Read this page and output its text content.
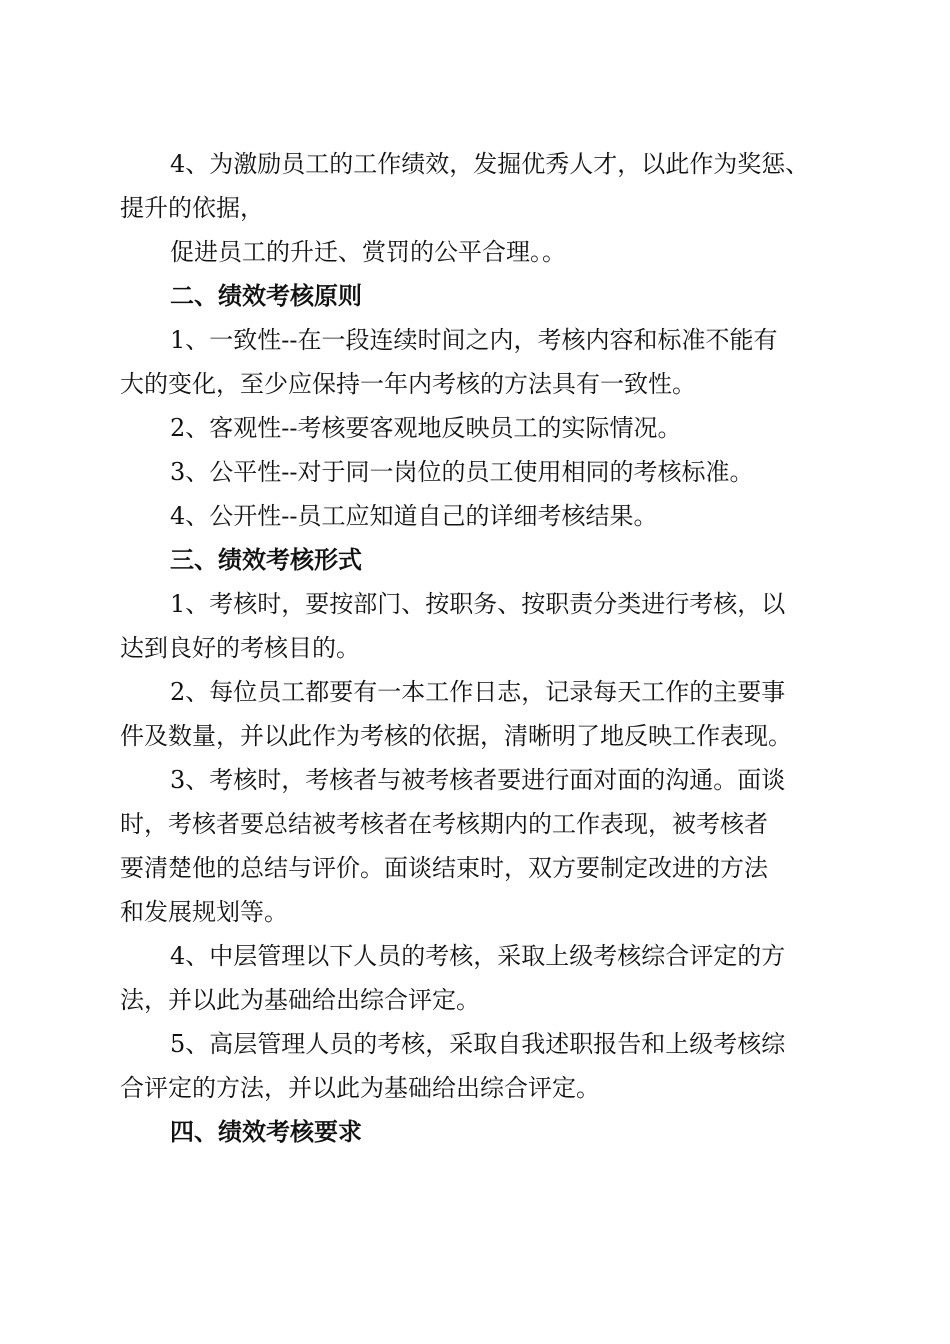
4、为激励员工的工作绩效，发掘优秀人才，以此作为奖惩、
提升的依据，
促进员工的升迁、赏罚的公平合理。。
二、绩效考核原则
1、一致性--在一段连续时间之内，考核内容和标准不能有
大的变化，至少应保持一年内考核的方法具有一致性。
2、客观性--考核要客观地反映员工的实际情况。
3、公平性--对于同一岗位的员工使用相同的考核标准。
4、公开性--员工应知道自己的详细考核结果。
三、绩效考核形式
1、考核时，要按部门、按职务、按职责分类进行考核，以
达到良好的考核目的。
2、每位员工都要有一本工作日志，记录每天工作的主要事
件及数量，并以此作为考核的依据，清晰明了地反映工作表现。
3、考核时，考核者与被考核者要进行面对面的沟通。面谈
时，考核者要总结被考核者在考核期内的工作表现，被考核者
要清楚他的总结与评价。面谈结束时，双方要制定改进的方法
和发展规划等。
4、中层管理以下人员的考核，采取上级考核综合评定的方
法，并以此为基础给出综合评定。
5、高层管理人员的考核，采取自我述职报告和上级考核综
合评定的方法，并以此为基础给出综合评定。
四、绩效考核要求
